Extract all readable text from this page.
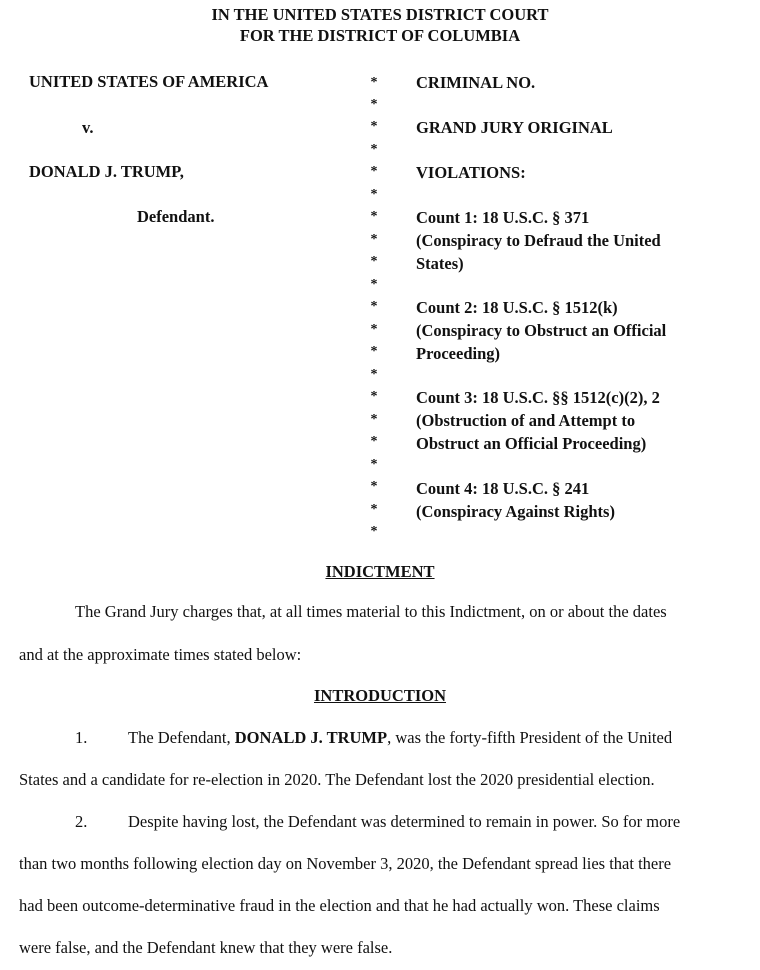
IN THE UNITED STATES DISTRICT COURT
FOR THE DISTRICT OF COLUMBIA
UNITED STATES OF AMERICA
v.
DONALD J. TRUMP,
Defendant.
*
*
*
*
*
*
*
*
*
*
*
*
*
*
*
*
*
*
*
*
*
CRIMINAL NO.
GRAND JURY ORIGINAL
VIOLATIONS:
Count 1: 18 U.S.C. § 371
(Conspiracy to Defraud the United
States)
Count 2: 18 U.S.C. § 1512(k)
(Conspiracy to Obstruct an Official
Proceeding)
Count 3: 18 U.S.C. §§ 1512(c)(2), 2
(Obstruction of and Attempt to
Obstruct an Official Proceeding)
Count 4: 18 U.S.C. § 241
(Conspiracy Against Rights)
INDICTMENT
The Grand Jury charges that, at all times material to this Indictment, on or about the dates
and at the approximate times stated below:
INTRODUCTION
1. The Defendant, DONALD J. TRUMP, was the forty-fifth President of the United
States and a candidate for re-election in 2020. The Defendant lost the 2020 presidential election.
2. Despite having lost, the Defendant was determined to remain in power. So for more
than two months following election day on November 3, 2020, the Defendant spread lies that there
had been outcome-determinative fraud in the election and that he had actually won. These claims
were false, and the Defendant knew that they were false.
